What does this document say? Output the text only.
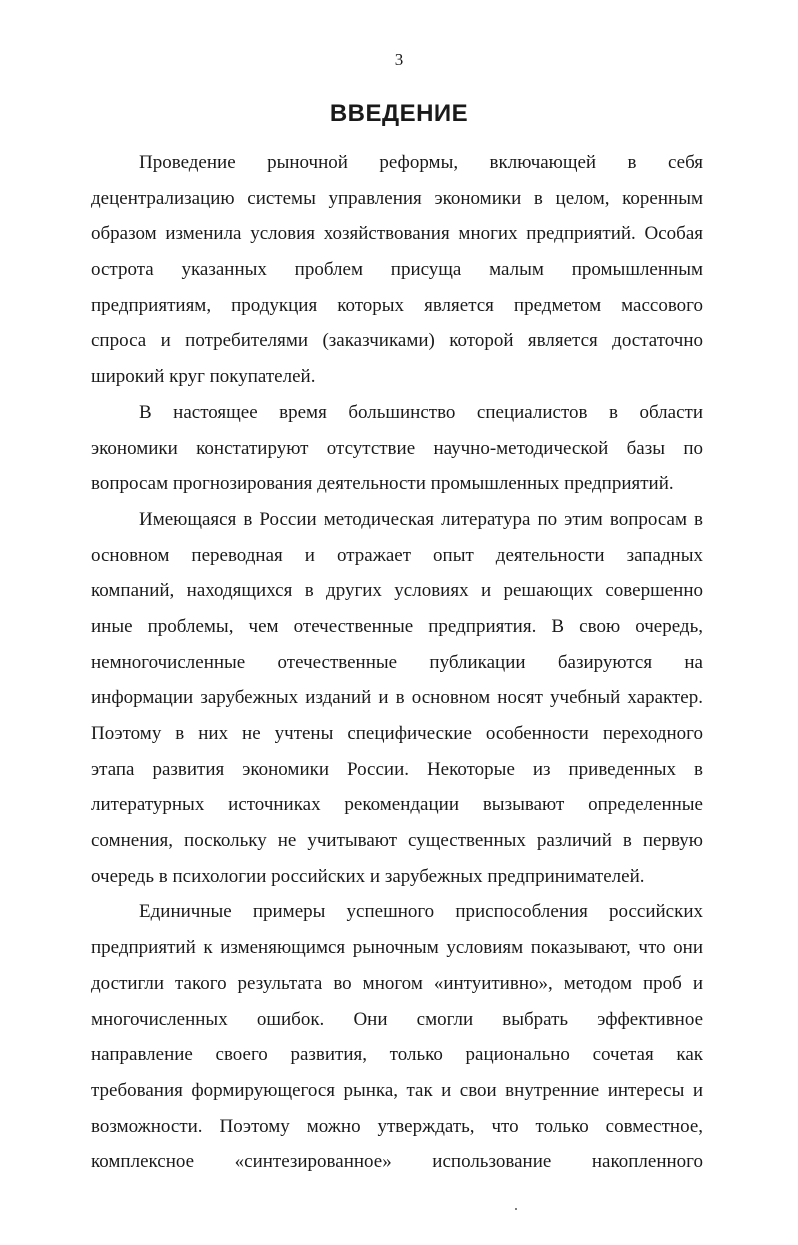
3
ВВЕДЕНИЕ
Проведение рыночной реформы, включающей в себя
децентрализацию системы управления экономики в целом, коренным
образом изменила условия хозяйствования многих предприятий. Особая
острота указанных проблем присуща малым промышленным
предприятиям, продукция которых является предметом массового
спроса и потребителями (заказчиками) которой является достаточно
широкий круг покупателей.
В настоящее время большинство специалистов в области
экономики констатируют отсутствие научно-методической базы по
вопросам прогнозирования деятельности промышленных предприятий.
Имеющаяся в России методическая литература по этим вопросам в
основном переводная и отражает опыт деятельности западных
компаний, находящихся в других условиях и решающих совершенно
иные проблемы, чем отечественные предприятия. В свою очередь,
немногочисленные отечественные публикации базируются на
информации зарубежных изданий и в основном носят учебный характер.
Поэтому в них не учтены специфические особенности переходного
этапа развития экономики России. Некоторые из приведенных в
литературных источниках рекомендации вызывают определенные
сомнения, поскольку не учитывают существенных различий в первую
очередь в психологии российских и зарубежных предпринимателей.
Единичные примеры успешного приспособления российских
предприятий к изменяющимся рыночным условиям показывают, что они
достигли такого результата во многом «интуитивно», методом проб и
многочисленных ошибок. Они смогли выбрать эффективное
направление своего развития, только рационально сочетая как
требования формирующегося рынка, так и свои внутренние интересы и
возможности. Поэтому можно утверждать, что только совместное,
комплексное «синтезированное» использование накопленного
